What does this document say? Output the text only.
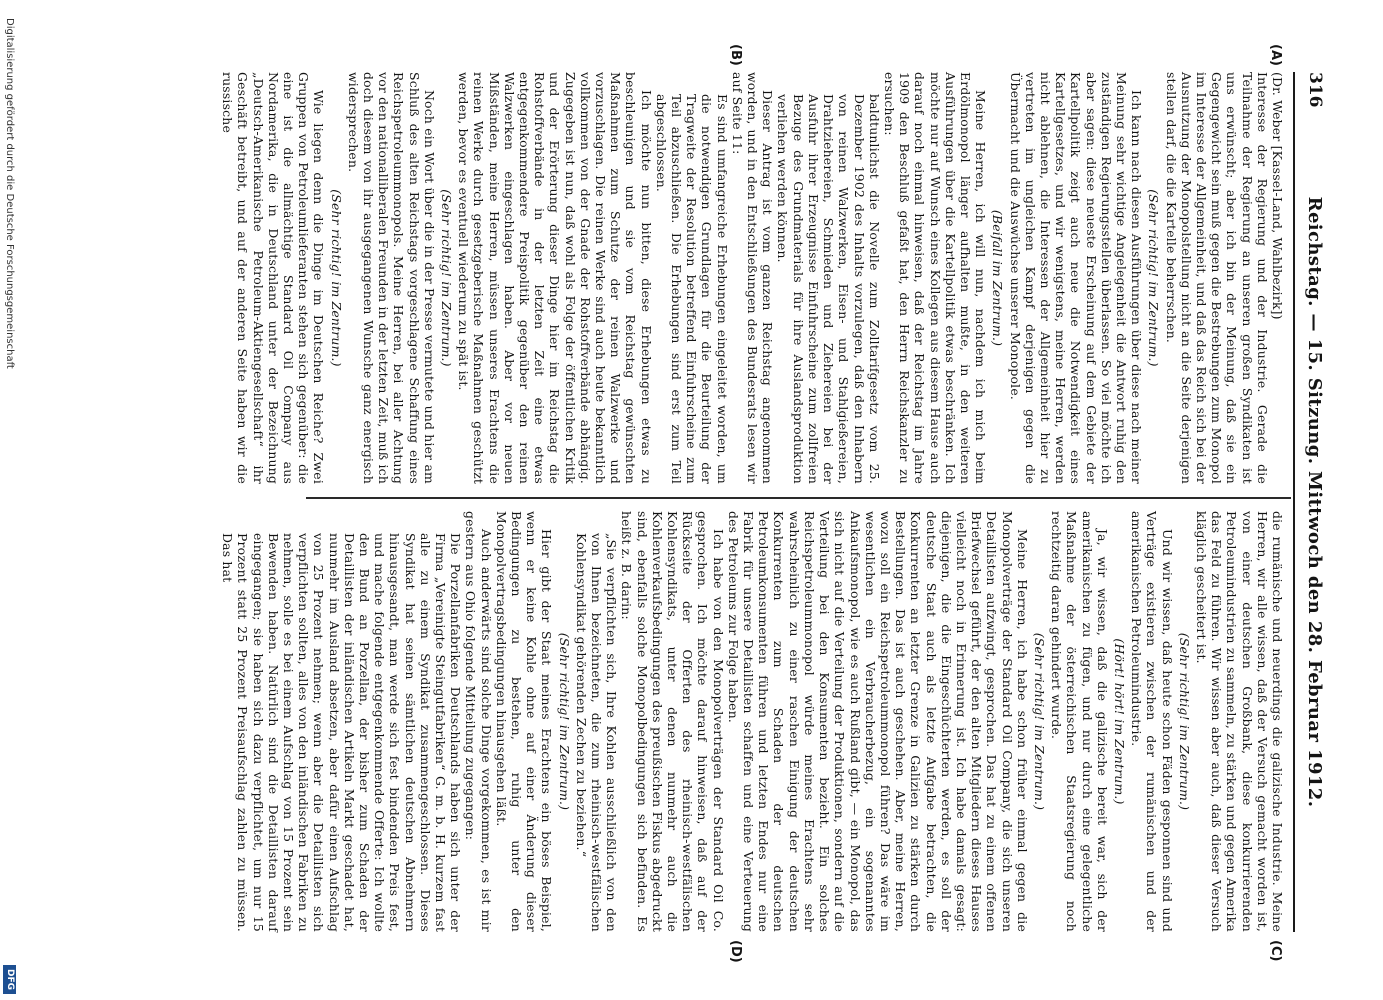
316
Reichstag. — 15. Sitzung. Mittwoch den 28. Februar 1912.
(A)
(B)
(C)
(D)

(Dr. Weber [Kassel-Land, Wahlbezirk])

Interesse der Regierung und der Industrie. Gerade die Teilnahme der Regierung an unseren großen Syndikaten ist uns erwünscht; aber ich bin der Meinung, daß sie ein Gegengewicht sein muß gegen die Bestrebungen zum Monopol im Interesse der Allgemeinheit, und daß das Reich sich bei der Ausnutzung der Monopolstellung nicht an die Seite derjenigen stellen darf, die die Kartelle beherrschen.

(Sehr richtig! im Zentrum.)

Ich kann nach diesen Ausführungen über diese nach meiner Meinung sehr wichtige Angelegenheit die Antwort ruhig den zuständigen Regierungsstellen überlassen. So viel möchte ich aber sagen: diese neueste Erscheinung auf dem Gebiete der Kartellpolitik zeigt auch neue die Notwendigkeit eines Kartellgesetzes, und wir wenigstens, meine Herren, werden nicht ablehnen, die Interessen der Allgemeinheit hier zu vertreten im ungleichen Kampf derjenigen gegen die Übermacht und die Auswüchse unserer Monopole.

(Beifall im Zentrum.)

Meine Herren, ich will nun, nachdem ich mich beim Erdölmonopol länger aufhalten mußte, in den weiteren Ausführungen über die Kartellpolitik etwas beschränken. Ich möchte nur auf Wunsch eines Kollegen aus diesem Hause auch darauf noch einmal hinweisen, daß der Reichstag im Jahre 1909 den Beschluß gefaßt hat, den Herrn Reichskanzler zu ersuchen:

baldtunlichst die Novelle zum Zolltarifgesetz vom 25. Dezember 1902 des Inhalts vorzulegen, daß den Inhabern von reinen Walzwerken, Eisen- und Stahlgießereien, Drahtziehereien, Schmieden und Ziehereien bei der Ausfuhr ihrer Erzeugnisse Einfuhrscheine zum zollfreien Bezuge des Grundmaterials für ihre Auslandsproduktion verliehen werden können.

Dieser Antrag ist vom ganzen Reichstag angenommen worden, und in den Entschließungen des Bundesrats lesen wir auf Seite 11:

Es sind umfangreiche Erhebungen eingeleitet worden, um die notwendigen Grundlagen für die Beurteilung der Tragweite der Resolution betreffend Einfuhrscheine zum Teil abzuschließen. Die Erhebungen sind erst zum Teil abgeschlossen.

Ich möchte nun bitten, diese Erhebungen etwas zu beschleunigen und sie vom Reichstag gewünschten Maßnahmen zum Schutze der reinen Walzwerke und vorzuschlagen. Die reinen Werke sind auch heute bekanntlich vollkommen von der Gnade der Rohstoffverbände abhängig. Zugegeben ist nun, daß wohl als Folge der öffentlichen Kritik und der Erörterung dieser Dinge hier im Reichstag die Rohstoffverbände in der letzten Zeit eine etwas entgegenkommendere Preispolitik gegenüber den reinen Walzwerken eingeschlagen haben. Aber vor neuen Mißständen, meine Herren, müssen unseres Erachtens die reinen Werke durch gesetzgeberische Maßnahmen geschützt werden, bevor es eventuell wiederum zu spät ist.

(Sehr richtig! im Zentrum.)

Noch ein Wort über die in der Presse vermutete und hier am Schluß des alten Reichstags vorgeschlagene Schaffung eines Reichspetroleummonopols. Meine Herren, bei aller Achtung vor den nationalliberalen Freunden in der letzten Zeit, muß ich doch diesem von ihr ausgegangenen Wunsche ganz energisch widersprechen.

(Sehr richtig! im Zentrum.)

Wie liegen denn die Dinge im Deutschen Reiche? Zwei Gruppen von Petroleumlieferanten stehen sich gegenüber: die eine ist die allmächtige Standard Oil Company aus Nordamerika, die in Deutschland unter der Bezeichnung „Deutsch-Amerikanische Petroleum-Aktiengesellschaft“ ihr Geschäft betreibt, und auf der anderen Seite haben wir die russische

die rumänische und neuerdings die galizische Industrie. Meine Herren, wir alle wissen, daß der Versuch gemacht worden ist, von einer deutschen Großbank, diese konkurrierenden Petroleumindustrien zu sammeln, zu stärken und gegen Amerika das Feld zu führen. Wir wissen aber auch, daß dieser Versuch kläglich gescheitert ist.

(Sehr richtig! im Zentrum.)

Und wir wissen, daß heute schon Fäden gesponnen sind und Verträge existieren zwischen der rumänischen und der amerikanischen Petroleumindustrie.

(Hört! hört! im Zentrum.)

Ja, wir wissen, daß die galizische bereit war, sich der amerikanischen zu fügen, und nur durch eine gelegentliche Maßnahme der österreichischen Staatsregierung noch rechtzeitig daran gehindert wurde.

(Sehr richtig! im Zentrum.)

Meine Herren, ich habe schon früher einmal gegen die Monopolverträge der Standard Oil Company, die sich unseren Detaillisten aufzwingt, gesprochen. Das hat zu einem offenen Briefwechsel geführt, der den alten Mitgliedern dieses Hauses vielleicht noch in Erinnerung ist. Ich habe damals gesagt: diejenigen, die die Eingeschüchterten werden, es soll der deutsche Staat auch als letzte Aufgabe betrachten, die Konkurrenten an letzter Grenze in Galizien zu stärken durch Bestellungen. Das ist auch geschehen. Aber, meine Herren, wozu soll ein Reichspetroleummonopol führen? Das wäre im wesentlichen ein Verbraucherbezug, ein sogenanntes Ankaufsmonopol, wie es auch Rußland gibt, — ein Monopol, das sich nicht auf die Verteilung der Produktionen, sondern auf die Verteilung bei den Konsumenten bezieht. Ein solches Reichspetroleummonopol würde meines Erachtens sehr wahrscheinlich zu einer raschen Einigung der deutschen Konkurrenten zum Schaden der deutschen Petroleumkonsumenten führen und letzten Endes nur eine Fabrik für unsere Detaillisten schaffen und eine Verteuerung des Petroleums zur Folge haben.

Ich habe von den Monopolverträgen der Standard Oil Co. gesprochen. Ich möchte darauf hinweisen, daß auf der Rückseite der Offerten des rheinisch-westfälischen Kohlensyndikats, unter denen nunmehr auch die Kohlenverkaufsbedingungen des preußischen Fiskus abgedruckt sind, ebenfalls solche Monopolbedingungen sich befinden. Es heißt z. B. darin:

„Sie verpflichten sich, Ihre Kohlen ausschließlich von den von Ihnen bezeichneten, die zum rheinisch-westfälischen Kohlensyndikat gehörenden Zechen zu beziehen.“

(Sehr richtig! im Zentrum.)

Hier gibt der Staat meines Erachtens ein böses Beispiel, wenn er keine Kohle ohne auf einer Änderung dieser Bedingungen zu bestehen, ruhig unter den Monopolvertragsbedingungen hinausgehen läßt.

Auch anderwärts sind solche Dinge vorgekommen, es ist mir gestern aus Ohio folgende Mitteilung zugegangen:

Die Porzellanfabriken Deutschlands haben sich unter der Firma „Vereinigte Steingutfabriken“ G. m. b. H. kurzem fast alle zu einem Syndikat zusammengeschlossen. Dieses Syndikat hat seinen sämtlichen deutschen Abnehmern hinausgesandt, man werde sich fest bindenden Preis fest, und mache folgende entgegenkommende Offerte: Ich wollte den Bund an Porzellan, der bisher zum Schaden der Detaillisten der inländischen Artikeln Markt geschadet hat, nunmehr im Ausland absetzen, aber dafür einen Aufschlag von 25 Prozent nehmen; wenn aber die Detaillisten sich verpflichten sollten, alles von den inländischen Fabriken zu nehmen, solle es bei einem Aufschlag von 15 Prozent sein Bewenden haben. Natürlich sind die Detaillisten darauf eingegangen; sie haben sich dazu verpflichtet, um nur 15 Prozent statt 25 Prozent Preisaufschlag zahlen zu müssen. Das hat

Digitalisierung gefördert durch die Deutsche Forschungsgemeinschaft
DFG
